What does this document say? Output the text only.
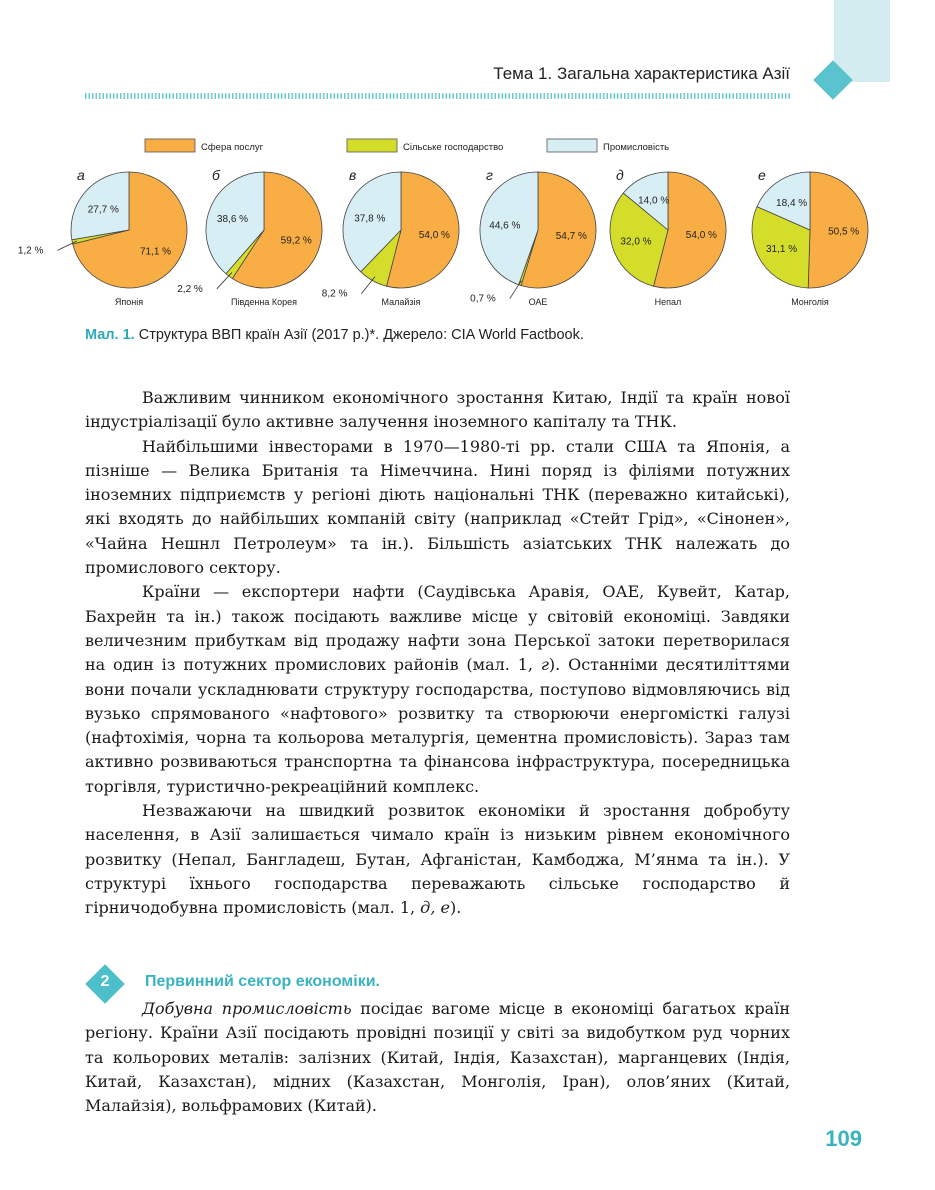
Тема 1. Загальна характеристика Азії
Сфера послуг	Сільське господарство	Промисловість
71,1 %
27,7 %
1,2 %
а
Японія
59,2 %
38,6 %
2,2 %
б
Південна Корея
54,0 %
37,8 %
8,2 %
в
Малайзія
54,7 %
44,6 %
0,7 %
г
ОАЕ
54,0 %
14,0 %
32,0 %
д
Непал
50,5 %
18,4 %
31,1 %
е
Монголія
Мал. 1. Структура ВВП країн Азії (2017 р.)*. Джерело: CIA World Factbook.

Важливим чинником економічного зростання Китаю, Індії та країн нової індустріалізації було активне залучення іноземного капіталу та ТНК.

Найбільшими інвесторами в 1970—1980-ті рр. стали США та Японія, а пізніше — Велика Британія та Німеччина. Нині поряд із філіями потужних іноземних підприємств у регіоні діють національні ТНК (переважно китайські), які входять до найбільших компаній світу (наприклад «Стейт Грід», «Сінонен», «Чайна Нешнл Петролеум» та ін.). Більшість азіатських ТНК належать до промислового сектору.

Країни — експортери нафти (Саудівська Аравія, ОАЕ, Кувейт, Катар, Бахрейн та ін.) також посідають важливе місце у світовій економіці. Завдяки величезним прибуткам від продажу нафти зона Перської затоки перетворилася на один із потужних промислових районів (мал. 1, г). Останніми десятиліттями вони почали ускладнювати структуру господарства, поступово відмовляючись від вузько спрямованого «нафтового» розвитку та створюючи енергомісткі галузі (нафтохімія, чорна та кольорова металургія, цементна промисловість). Зараз там активно розвиваються транспортна та фінансова інфраструктура, посередницька торгівля, туристично-рекреаційний комплекс.

Незважаючи на швидкий розвиток економіки й зростання добробуту населення, в Азії залишається чимало країн із низьким рівнем економічного розвитку (Непал, Бангладеш, Бутан, Афганістан, Камбоджа, М’янма та ін.). У структурі їхнього господарства переважають сільське господарство й гірничодобувна промисловість (мал. 1, д, е).

2	Первинний сектор економіки.

Добувна промисловість посідає вагоме місце в економіці багатьох країн регіону. Країни Азії посідають провідні позиції у світі за видобутком руд чорних та кольорових металів: залізних (Китай, Індія, Казахстан), марганцевих (Індія, Китай, Казахстан), мідних (Казахстан, Монголія, Іран), олов’яних (Китай, Малайзія), вольфрамових (Китай).

109
